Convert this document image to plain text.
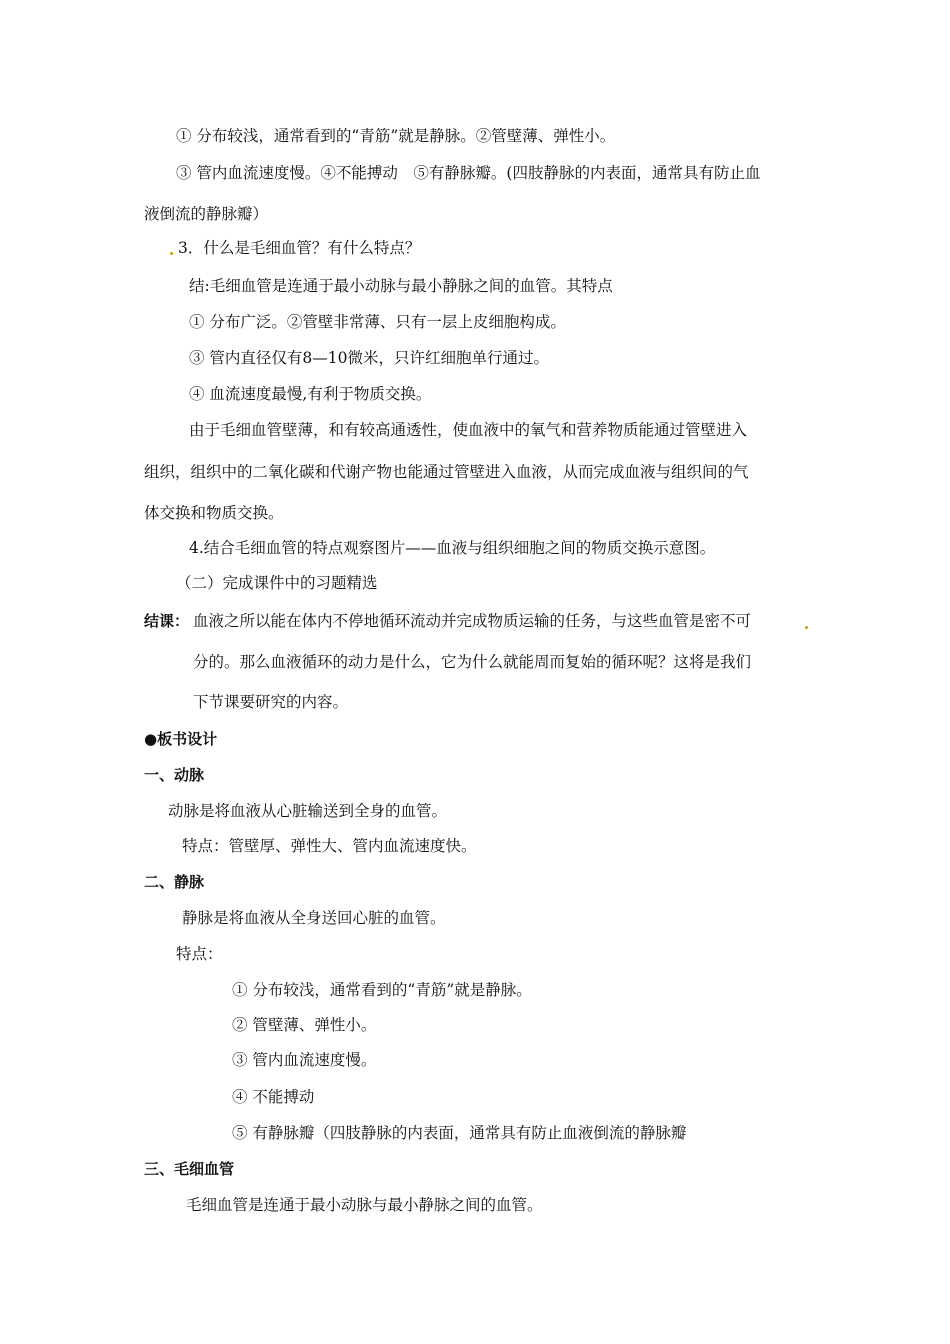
① 分布较浅，通常看到的“青筋”就是静脉。②管壁薄、弹性小。
③ 管内血流速度慢。④不能搏动　⑤有静脉瓣。(四肢静脉的内表面，通常具有防止血
液倒流的静脉瓣）
3．什么是毛细血管？有什么特点？
结:毛细血管是连通于最小动脉与最小静脉之间的血管。其特点
① 分布广泛。②管壁非常薄、只有一层上皮细胞构成。
③ 管内直径仅有8—10微米，只许红细胞单行通过。
④ 血流速度最慢,有利于物质交换。
由于毛细血管壁薄，和有较高通透性，使血液中的氧气和营养物质能通过管壁进入
组织，组织中的二氧化碳和代谢产物也能通过管壁进入血液，从而完成血液与组织间的气
体交换和物质交换。
4.结合毛细血管的特点观察图片——血液与组织细胞之间的物质交换示意图。
（二）完成课件中的习题精选
结课： 血液之所以能在体内不停地循环流动并完成物质运输的任务，与这些血管是密不可
分的。那么血液循环的动力是什么，它为什么就能周而复始的循环呢？这将是我们
下节课要研究的内容。
●板书设计
一、动脉
动脉是将血液从心脏输送到全身的血管。
特点：管壁厚、弹性大、管内血流速度快。
二、静脉
静脉是将血液从全身送回心脏的血管。
特点：
① 分布较浅，通常看到的“青筋”就是静脉。
② 管壁薄、弹性小。
③ 管内血流速度慢。
④ 不能搏动
⑤ 有静脉瓣（四肢静脉的内表面，通常具有防止血液倒流的静脉瓣
三、毛细血管
毛细血管是连通于最小动脉与最小静脉之间的血管。
